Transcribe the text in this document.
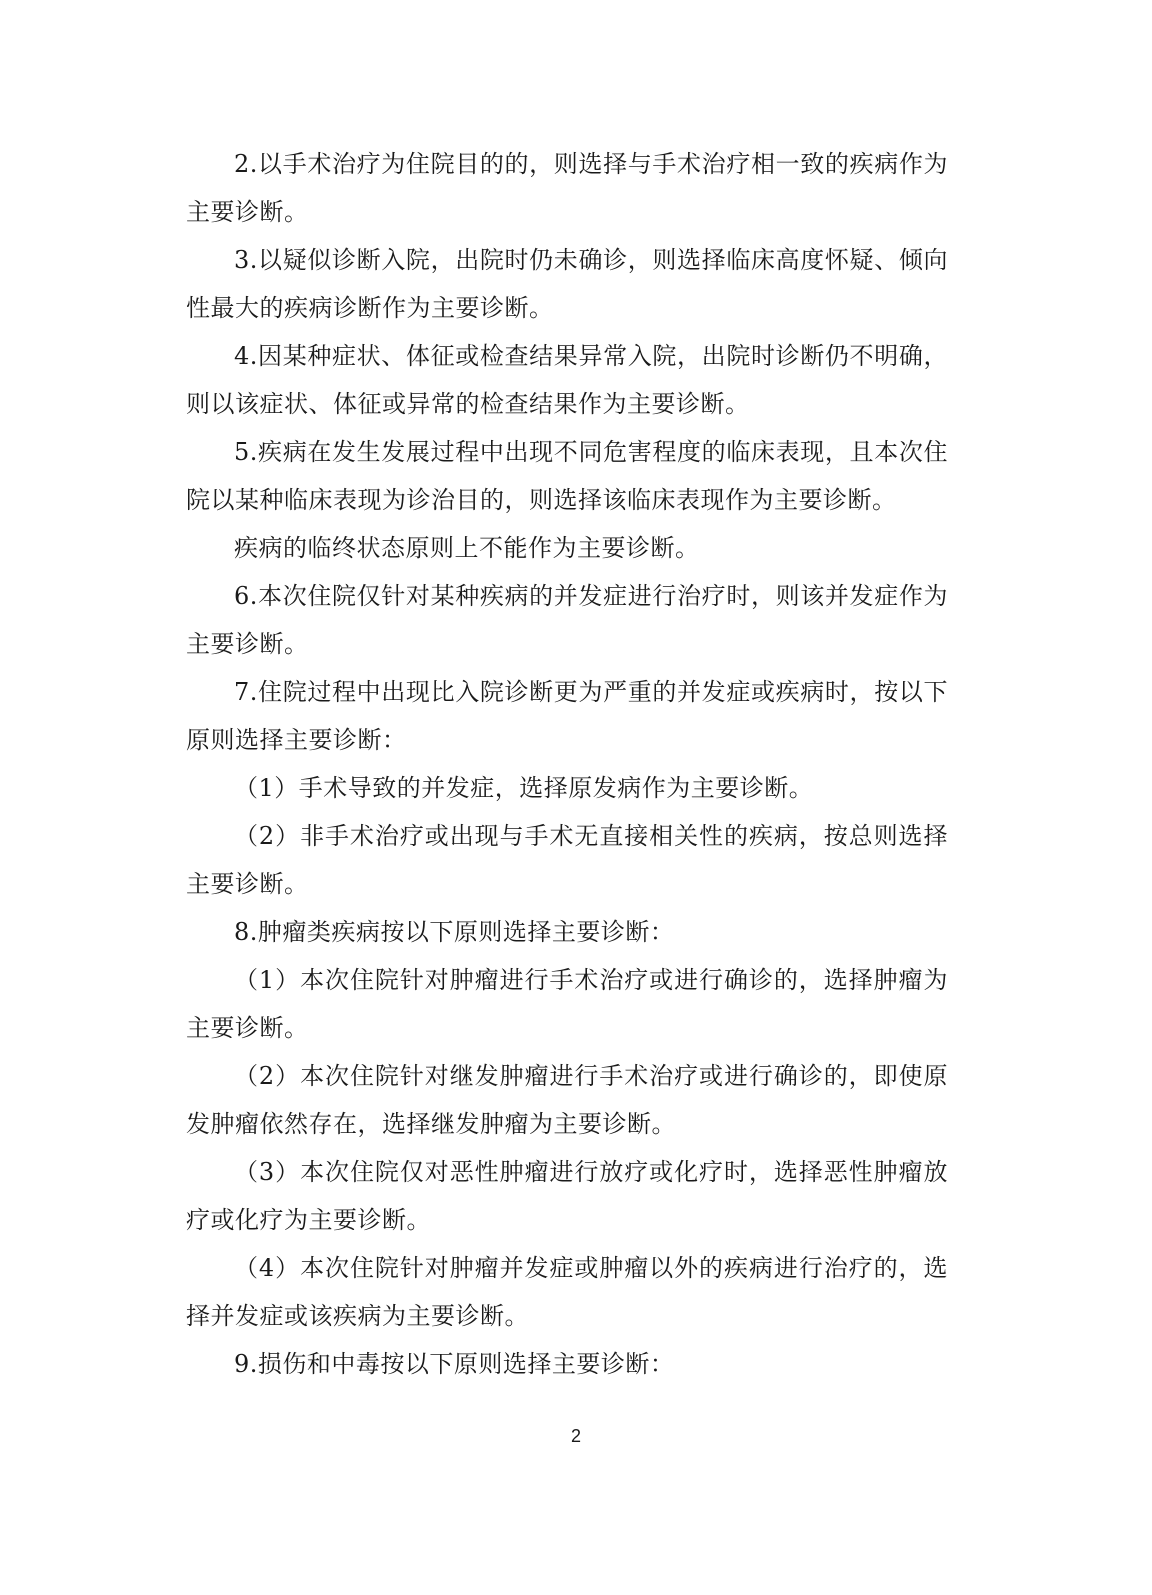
2.以手术治疗为住院目的的，则选择与手术治疗相一致的疾病作为主要诊断。

3.以疑似诊断入院，出院时仍未确诊，则选择临床高度怀疑、倾向性最大的疾病诊断作为主要诊断。

4.因某种症状、体征或检查结果异常入院，出院时诊断仍不明确，则以该症状、体征或异常的检查结果作为主要诊断。

5.疾病在发生发展过程中出现不同危害程度的临床表现，且本次住院以某种临床表现为诊治目的，则选择该临床表现作为主要诊断。

疾病的临终状态原则上不能作为主要诊断。

6.本次住院仅针对某种疾病的并发症进行治疗时，则该并发症作为主要诊断。

7.住院过程中出现比入院诊断更为严重的并发症或疾病时，按以下原则选择主要诊断：

（1）手术导致的并发症，选择原发病作为主要诊断。

（2）非手术治疗或出现与手术无直接相关性的疾病，按总则选择主要诊断。

8.肿瘤类疾病按以下原则选择主要诊断：

（1）本次住院针对肿瘤进行手术治疗或进行确诊的，选择肿瘤为主要诊断。

（2）本次住院针对继发肿瘤进行手术治疗或进行确诊的，即使原发肿瘤依然存在，选择继发肿瘤为主要诊断。

（3）本次住院仅对恶性肿瘤进行放疗或化疗时，选择恶性肿瘤放疗或化疗为主要诊断。

（4）本次住院针对肿瘤并发症或肿瘤以外的疾病进行治疗的，选择并发症或该疾病为主要诊断。

9.损伤和中毒按以下原则选择主要诊断：

2
